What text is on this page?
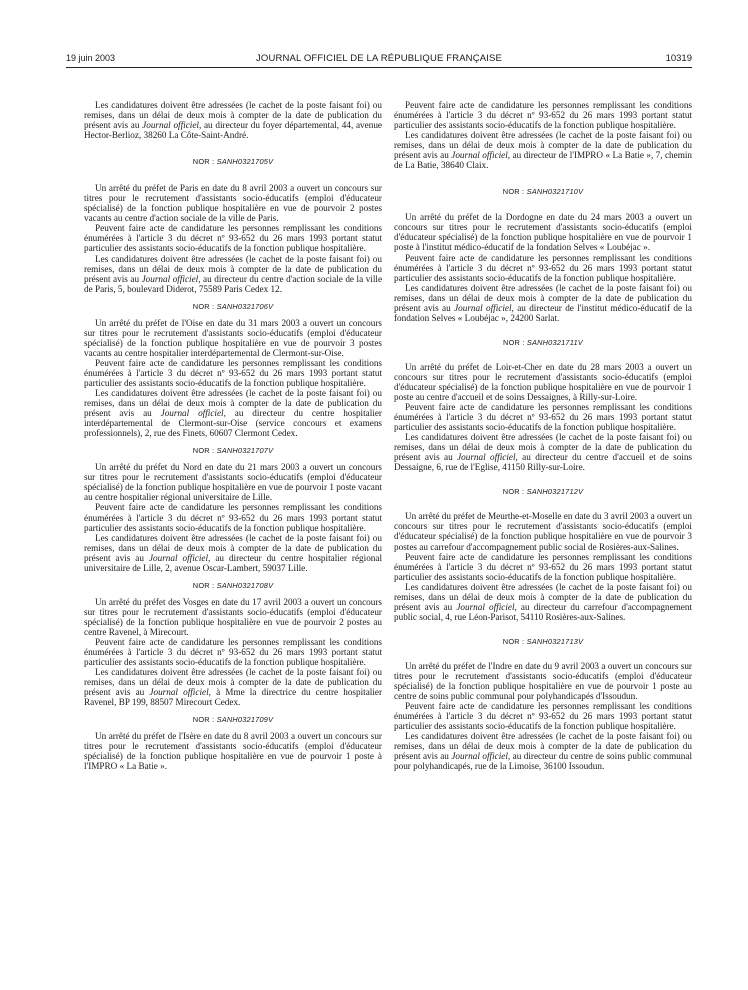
19 juin 2003	JOURNAL OFFICIEL DE LA RÉPUBLIQUE FRANÇAISE	10319

Les candidatures doivent être adressées (le cachet de la poste faisant foi) ou remises, dans un délai de deux mois à compter de la date de publication du présent avis au Journal officiel, au directeur du foyer départemental, 44, avenue Hector-Berlioz, 38260 La Côte-Saint-André.

NOR : SANH0321705V

Un arrêté du préfet de Paris en date du 8 avril 2003 a ouvert un concours sur titres pour le recrutement d'assistants socio-éducatifs (emploi d'éducateur spécialisé) de la fonction publique hospitalière en vue de pourvoir 2 postes vacants au centre d'action sociale de la ville de Paris.

Peuvent faire acte de candidature les personnes remplissant les conditions énumérées à l'article 3 du décret nº 93-652 du 26 mars 1993 portant statut particulier des assistants socio-éducatifs de la fonction publique hospitalière.

Les candidatures doivent être adressées (le cachet de la poste faisant foi) ou remises, dans un délai de deux mois à compter de la date de publication du présent avis au Journal officiel, au directeur du centre d'action sociale de la ville de Paris, 5, boulevard Diderot, 75589 Paris Cedex 12.

NOR : SANH0321706V

Un arrêté du préfet de l'Oise en date du 31 mars 2003 a ouvert un concours sur titres pour le recrutement d'assistants socio-éducatifs (emploi d'éducateur spécialisé) de la fonction publique hospitalière en vue de pourvoir 3 postes vacants au centre hospitalier interdépartemental de Clermont-sur-Oise.

Peuvent faire acte de candidature les personnes remplissant les conditions énumérées à l'article 3 du décret nº 93-652 du 26 mars 1993 portant statut particulier des assistants socio-éducatifs de la fonction publique hospitalière.

Les candidatures doivent être adressées (le cachet de la poste faisant foi) ou remises, dans un délai de deux mois à compter de la date de publication du présent avis au Journal officiel, au directeur du centre hospitalier interdépartemental de Clermont-sur-Oise (service concours et examens professionnels), 2, rue des Finets, 60607 Clermont Cedex.

NOR : SANH0321707V

Un arrêté du préfet du Nord en date du 21 mars 2003 a ouvert un concours sur titres pour le recrutement d'assistants socio-éducatifs (emploi d'éducateur spécialisé) de la fonction publique hospitalière en vue de pourvoir 1 poste vacant au centre hospitalier régional universitaire de Lille.

Peuvent faire acte de candidature les personnes remplissant les conditions énumérées à l'article 3 du décret nº 93-652 du 26 mars 1993 portant statut particulier des assistants socio-éducatifs de la fonction publique hospitalière.

Les candidatures doivent être adressées (le cachet de la poste faisant foi) ou remises, dans un délai de deux mois à compter de la date de publication du présent avis au Journal officiel, au directeur du centre hospitalier régional universitaire de Lille, 2, avenue Oscar-Lambert, 59037 Lille.

NOR : SANH0321708V

Un arrêté du préfet des Vosges en date du 17 avril 2003 a ouvert un concours sur titres pour le recrutement d'assistants socio-éducatifs (emploi d'éducateur spécialisé) de la fonction publique hospitalière en vue de pourvoir 2 postes au centre Ravenel, à Mirecourt.

Peuvent faire acte de candidature les personnes remplissant les conditions énumérées à l'article 3 du décret nº 93-652 du 26 mars 1993 portant statut particulier des assistants socio-éducatifs de la fonction publique hospitalière.

Les candidatures doivent être adressées (le cachet de la poste faisant foi) ou remises, dans un délai de deux mois à compter de la date de publication du présent avis au Journal officiel, à Mme la directrice du centre hospitalier Ravenel, BP 199, 88507 Mirecourt Cedex.

NOR : SANH0321709V

Un arrêté du préfet de l'Isère en date du 8 avril 2003 a ouvert un concours sur titres pour le recrutement d'assistants socio-éducatifs (emploi d'éducateur spécialisé) de la fonction publique hospitalière en vue de pourvoir 1 poste à l'IMPRO « La Batie ».

Peuvent faire acte de candidature les personnes remplissant les conditions énumérées à l'article 3 du décret nº 93-652 du 26 mars 1993 portant statut particulier des assistants socio-éducatifs de la fonction publique hospitalière.

Les candidatures doivent être adressées (le cachet de la poste faisant foi) ou remises, dans un délai de deux mois à compter de la date de publication du présent avis au Journal officiel, au directeur de l'IMPRO « La Batie », 7, chemin de La Batie, 38640 Claix.

NOR : SANH0321710V

Un arrêté du préfet de la Dordogne en date du 24 mars 2003 a ouvert un concours sur titres pour le recrutement d'assistants socio-éducatifs (emploi d'éducateur spécialisé) de la fonction publique hospitalière en vue de pourvoir 1 poste à l'institut médico-éducatif de la fondation Selves « Loubéjac ».

Peuvent faire acte de candidature les personnes remplissant les conditions énumérées à l'article 3 du décret nº 93-652 du 26 mars 1993 portant statut particulier des assistants socio-éducatifs de la fonction publique hospitalière.

Les candidatures doivent être adressées (le cachet de la poste faisant foi) ou remises, dans un délai de deux mois à compter de la date de publication du présent avis au Journal officiel, au directeur de l'institut médico-éducatif de la fondation Selves « Loubéjac », 24200 Sarlat.

NOR : SANH0321711V

Un arrêté du préfet de Loir-et-Cher en date du 28 mars 2003 a ouvert un concours sur titres pour le recrutement d'assistants socio-éducatifs (emploi d'éducateur spécialisé) de la fonction publique hospitalière en vue de pourvoir 1 poste au centre d'accueil et de soins Dessaignes, à Rilly-sur-Loire.

Peuvent faire acte de candidature les personnes remplissant les conditions énumérées à l'article 3 du décret nº 93-652 du 26 mars 1993 portant statut particulier des assistants socio-éducatifs de la fonction publique hospitalière.

Les candidatures doivent être adressées (le cachet de la poste faisant foi) ou remises, dans un délai de deux mois à compter de la date de publication du présent avis au Journal officiel, au directeur du centre d'accueil et de soins Dessaigne, 6, rue de l'Eglise, 41150 Rilly-sur-Loire.

NOR : SANH0321712V

Un arrêté du préfet de Meurthe-et-Moselle en date du 3 avril 2003 a ouvert un concours sur titres pour le recrutement d'assistants socio-éducatifs (emploi d'éducateur spécialisé) de la fonction publique hospitalière en vue de pourvoir 3 postes au carrefour d'accompagnement public social de Rosières-aux-Salines.

Peuvent faire acte de candidature les personnes remplissant les conditions énumérées à l'article 3 du décret nº 93-652 du 26 mars 1993 portant statut particulier des assistants socio-éducatifs de la fonction publique hospitalière.

Les candidatures doivent être adressées (le cachet de la poste faisant foi) ou remises, dans un délai de deux mois à compter de la date de publication du présent avis au Journal officiel, au directeur du carrefour d'accompagnement public social, 4, rue Léon-Parisot, 54110 Rosières-aux-Salines.

NOR : SANH0321713V

Un arrêté du préfet de l'Indre en date du 9 avril 2003 a ouvert un concours sur titres pour le recrutement d'assistants socio-éducatifs (emploi d'éducateur spécialisé) de la fonction publique hospitalière en vue de pourvoir 1 poste au centre de soins public communal pour polyhandicapés d'Issoudun.

Peuvent faire acte de candidature les personnes remplissant les conditions énumérées à l'article 3 du décret nº 93-652 du 26 mars 1993 portant statut particulier des assistants socio-éducatifs de la fonction publique hospitalière.

Les candidatures doivent être adressées (le cachet de la poste faisant foi) ou remises, dans un délai de deux mois à compter de la date de publication du présent avis au Journal officiel, au directeur du centre de soins public communal pour polyhandicapés, rue de la Limoise, 36100 Issoudun.
